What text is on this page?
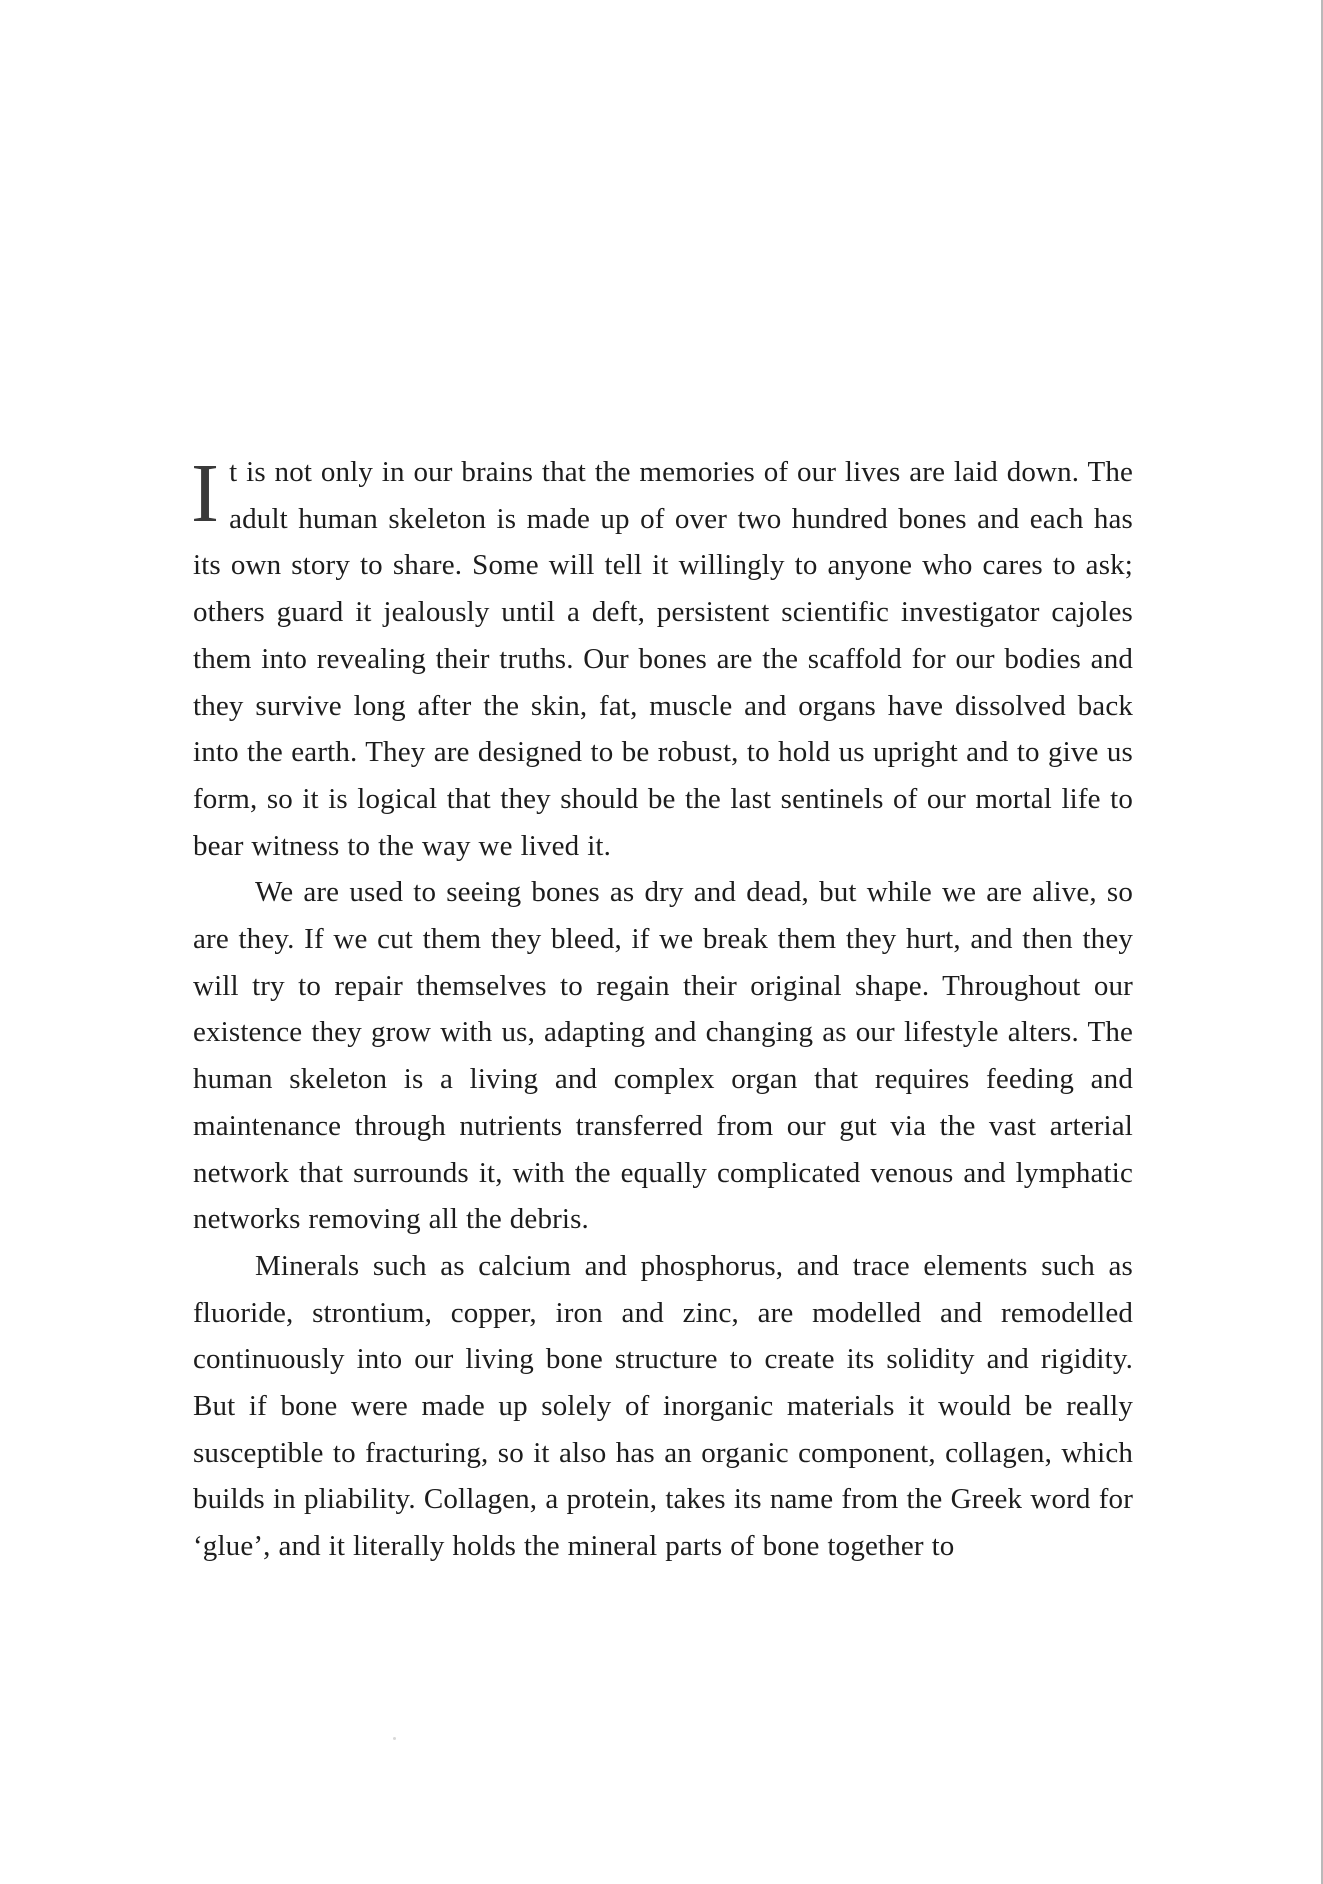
It is not only in our brains that the memories of our lives are laid down. The adult human skeleton is made up of over two hundred bones and each has its own story to share. Some will tell it willingly to anyone who cares to ask; others guard it jealously until a deft, persistent scientific investigator cajoles them into revealing their truths. Our bones are the scaffold for our bodies and they survive long after the skin, fat, muscle and organs have dissolved back into the earth. They are designed to be robust, to hold us upright and to give us form, so it is logical that they should be the last sentinels of our mortal life to bear witness to the way we lived it.

We are used to seeing bones as dry and dead, but while we are alive, so are they. If we cut them they bleed, if we break them they hurt, and then they will try to repair themselves to regain their original shape. Throughout our existence they grow with us, adapting and changing as our lifestyle alters. The human skeleton is a living and complex organ that requires feeding and maintenance through nutrients transferred from our gut via the vast arterial network that surrounds it, with the equally complicated venous and lymphatic networks removing all the debris.

Minerals such as calcium and phosphorus, and trace elements such as fluoride, strontium, copper, iron and zinc, are modelled and remodelled continuously into our living bone structure to create its solidity and rigidity. But if bone were made up solely of inorganic materials it would be really susceptible to fracturing, so it also has an organic component, collagen, which builds in pliability. Collagen, a protein, takes its name from the Greek word for ‘glue’, and it literally holds the mineral parts of bone together to
